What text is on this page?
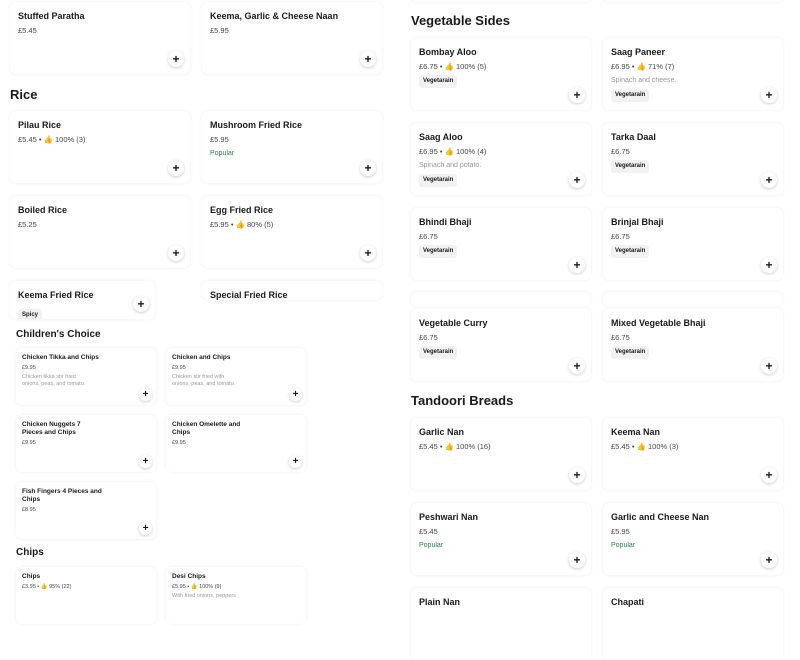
Rice
Children's Choice
Chips
Vegetable Sides
Tandoori Breads
Stuffed Paratha
£5.45
+
Keema, Garlic & Cheese Naan
£5.95
+
Pilau Rice
£5.45 • 👍 100% (3)
+
Mushroom Fried Rice
£5.95
Popular
+
Boiled Rice
£5.25
+
Egg Fried Rice
£5.95 • 👍 80% (5)
+
Keema Fried Rice
Spicy
+
Special Fried Rice
Chicken Tikka and Chips
£9.95
Chicken tikka stir fried onions, peas, and tomato.
+
Chicken and Chips
£9.95
Chicken stir fried with onions, peas, and tomato.
+
Chicken Nuggets 7 Pieces and Chips
£9.95
+
Chicken Omelette and Chips
£9.95
+
Fish Fingers 4 Pieces and Chips
£8.95
+
Chips
£3.95 • 👍 95% (22)
Desi Chips
£5.95 • 👍 100% (9)
With fried onions, peppers
Bombay Aloo
£6.75 • 👍 100% (5)
Vegetarain
+
Saag Paneer
£6.95 • 👍 71% (7)
Spinach and cheese.
Vegetarain	+
Saag Aloo
£6.95 • 👍 100% (4)
Spinach and potato.
Vegetarain	+
Tarka Daal
£6.75
Vegetarain
+
Bhindi Bhaji
£6.75
Vegetarain
+
Brinjal Bhaji
£6.75
Vegetarain
+
Vegetable Curry
£6.75
Vegetarain
+
Mixed Vegetable Bhaji
£6.75
Vegetarain
+
Garlic Nan
£5.45 • 👍 100% (16)
+
Keema Nan
£5.45 • 👍 100% (3)
+
Peshwari Nan
£5.45
Popular
+
Garlic and Cheese Nan
£5.95
Popular
+
Plain Nan	Chapati
